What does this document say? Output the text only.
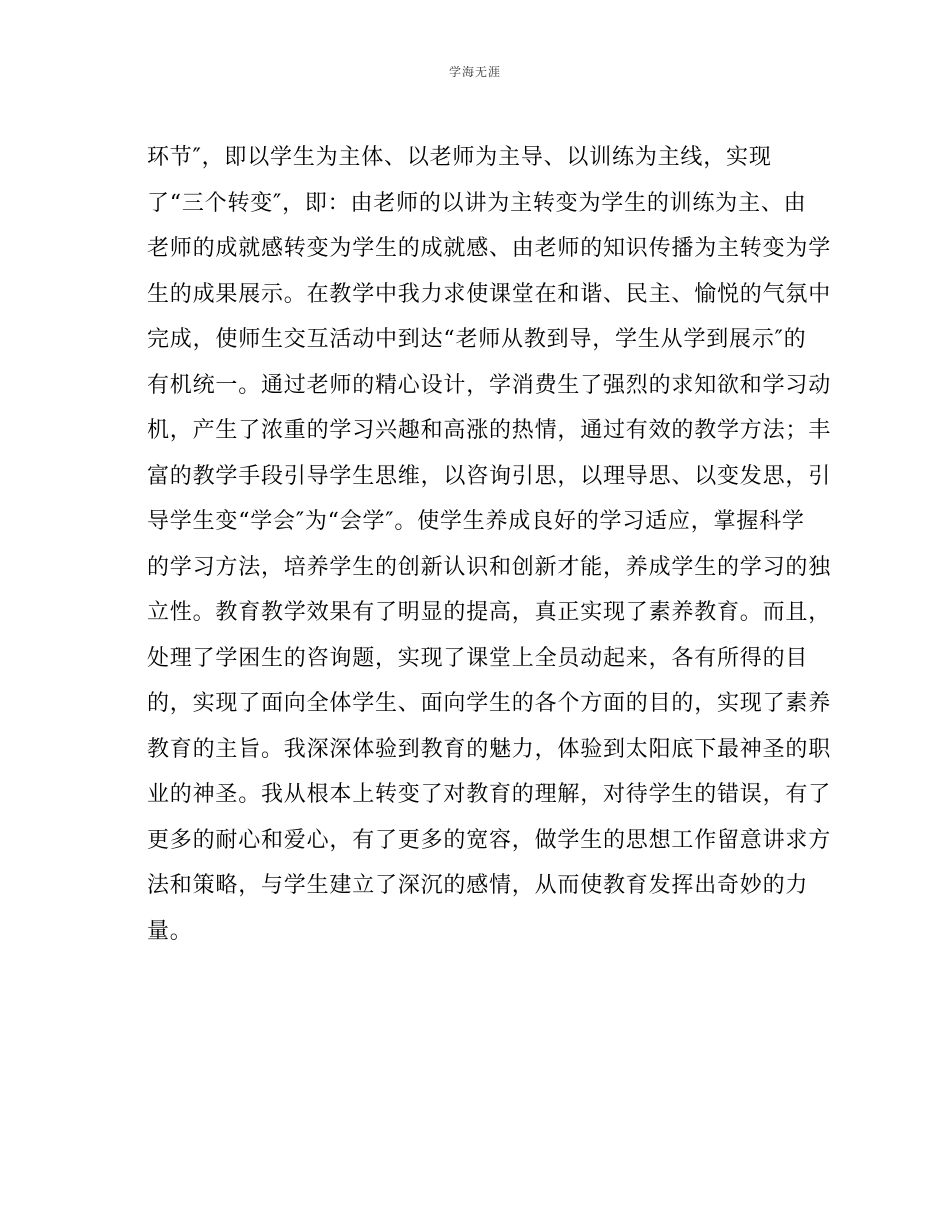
学海无涯
环节″，即以学生为主体、以老师为主导、以训练为主线，实现
了“三个转变″，即：由老师的以讲为主转变为学生的训练为主、由
老师的成就感转变为学生的成就感、由老师的知识传播为主转变为学
生的成果展示。在教学中我力求使课堂在和谐、民主、愉悦的气氛中
完成，使师生交互活动中到达“老师从教到导，学生从学到展示″的
有机统一。通过老师的精心设计，学消费生了强烈的求知欲和学习动
机，产生了浓重的学习兴趣和高涨的热情，通过有效的教学方法；丰
富的教学手段引导学生思维，以咨询引思，以理导思、以变发思，引
导学生变“学会″为“会学″。使学生养成良好的学习适应，掌握科学
的学习方法，培养学生的创新认识和创新才能，养成学生的学习的独
立性。教育教学效果有了明显的提高，真正实现了素养教育。而且，
处理了学困生的咨询题，实现了课堂上全员动起来，各有所得的目
的，实现了面向全体学生、面向学生的各个方面的目的，实现了素养
教育的主旨。我深深体验到教育的魅力，体验到太阳底下最神圣的职
业的神圣。我从根本上转变了对教育的理解，对待学生的错误，有了
更多的耐心和爱心，有了更多的宽容，做学生的思想工作留意讲求方
法和策略，与学生建立了深沉的感情，从而使教育发挥出奇妙的力
量。
